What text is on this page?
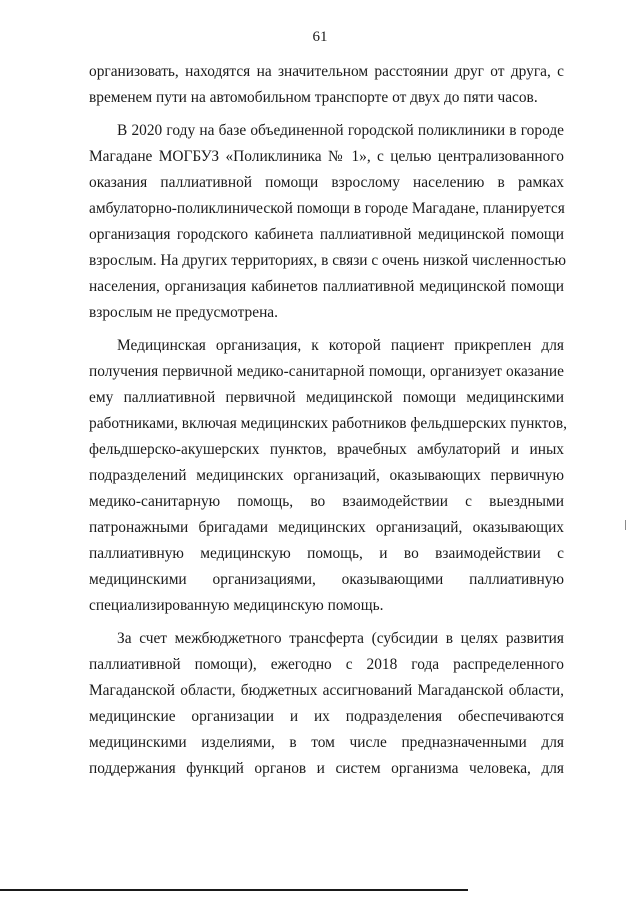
61
организовать, находятся на значительном расстоянии друг от друга, с
временем пути на автомобильном транспорте от двух до пяти часов.
В 2020 году на базе объединенной городской поликлиники в городе
Магадане МОГБУЗ «Поликлиника № 1», с целью централизованного
оказания паллиативной помощи взрослому населению в рамках
амбулаторно-поликлинической помощи в городе Магадане, планируется
организация городского кабинета паллиативной медицинской помощи
взрослым. На других территориях, в связи с очень низкой численностью
населения, организация кабинетов паллиативной медицинской помощи
взрослым не предусмотрена.
Медицинская организация, к которой пациент прикреплен для
получения первичной медико-санитарной помощи, организует оказание
ему паллиативной первичной медицинской помощи медицинскими
работниками, включая медицинских работников фельдшерских пунктов,
фельдшерско-акушерских пунктов, врачебных амбулаторий и иных
подразделений медицинских организаций, оказывающих первичную
медико-санитарную помощь, во взаимодействии с выездными
патронажными бригадами медицинских организаций, оказывающих
паллиативную медицинскую помощь, и во взаимодействии с
медицинскими организациями, оказывающими паллиативную
специализированную медицинскую помощь.
За счет межбюджетного трансферта (субсидии в целях развития
паллиативной помощи), ежегодно с 2018 года распределенного
Магаданской области, бюджетных ассигнований Магаданской области,
медицинские организации и их подразделения обеспечиваются
медицинскими изделиями, в том числе предназначенными для
поддержания функций органов и систем организма человека, для
